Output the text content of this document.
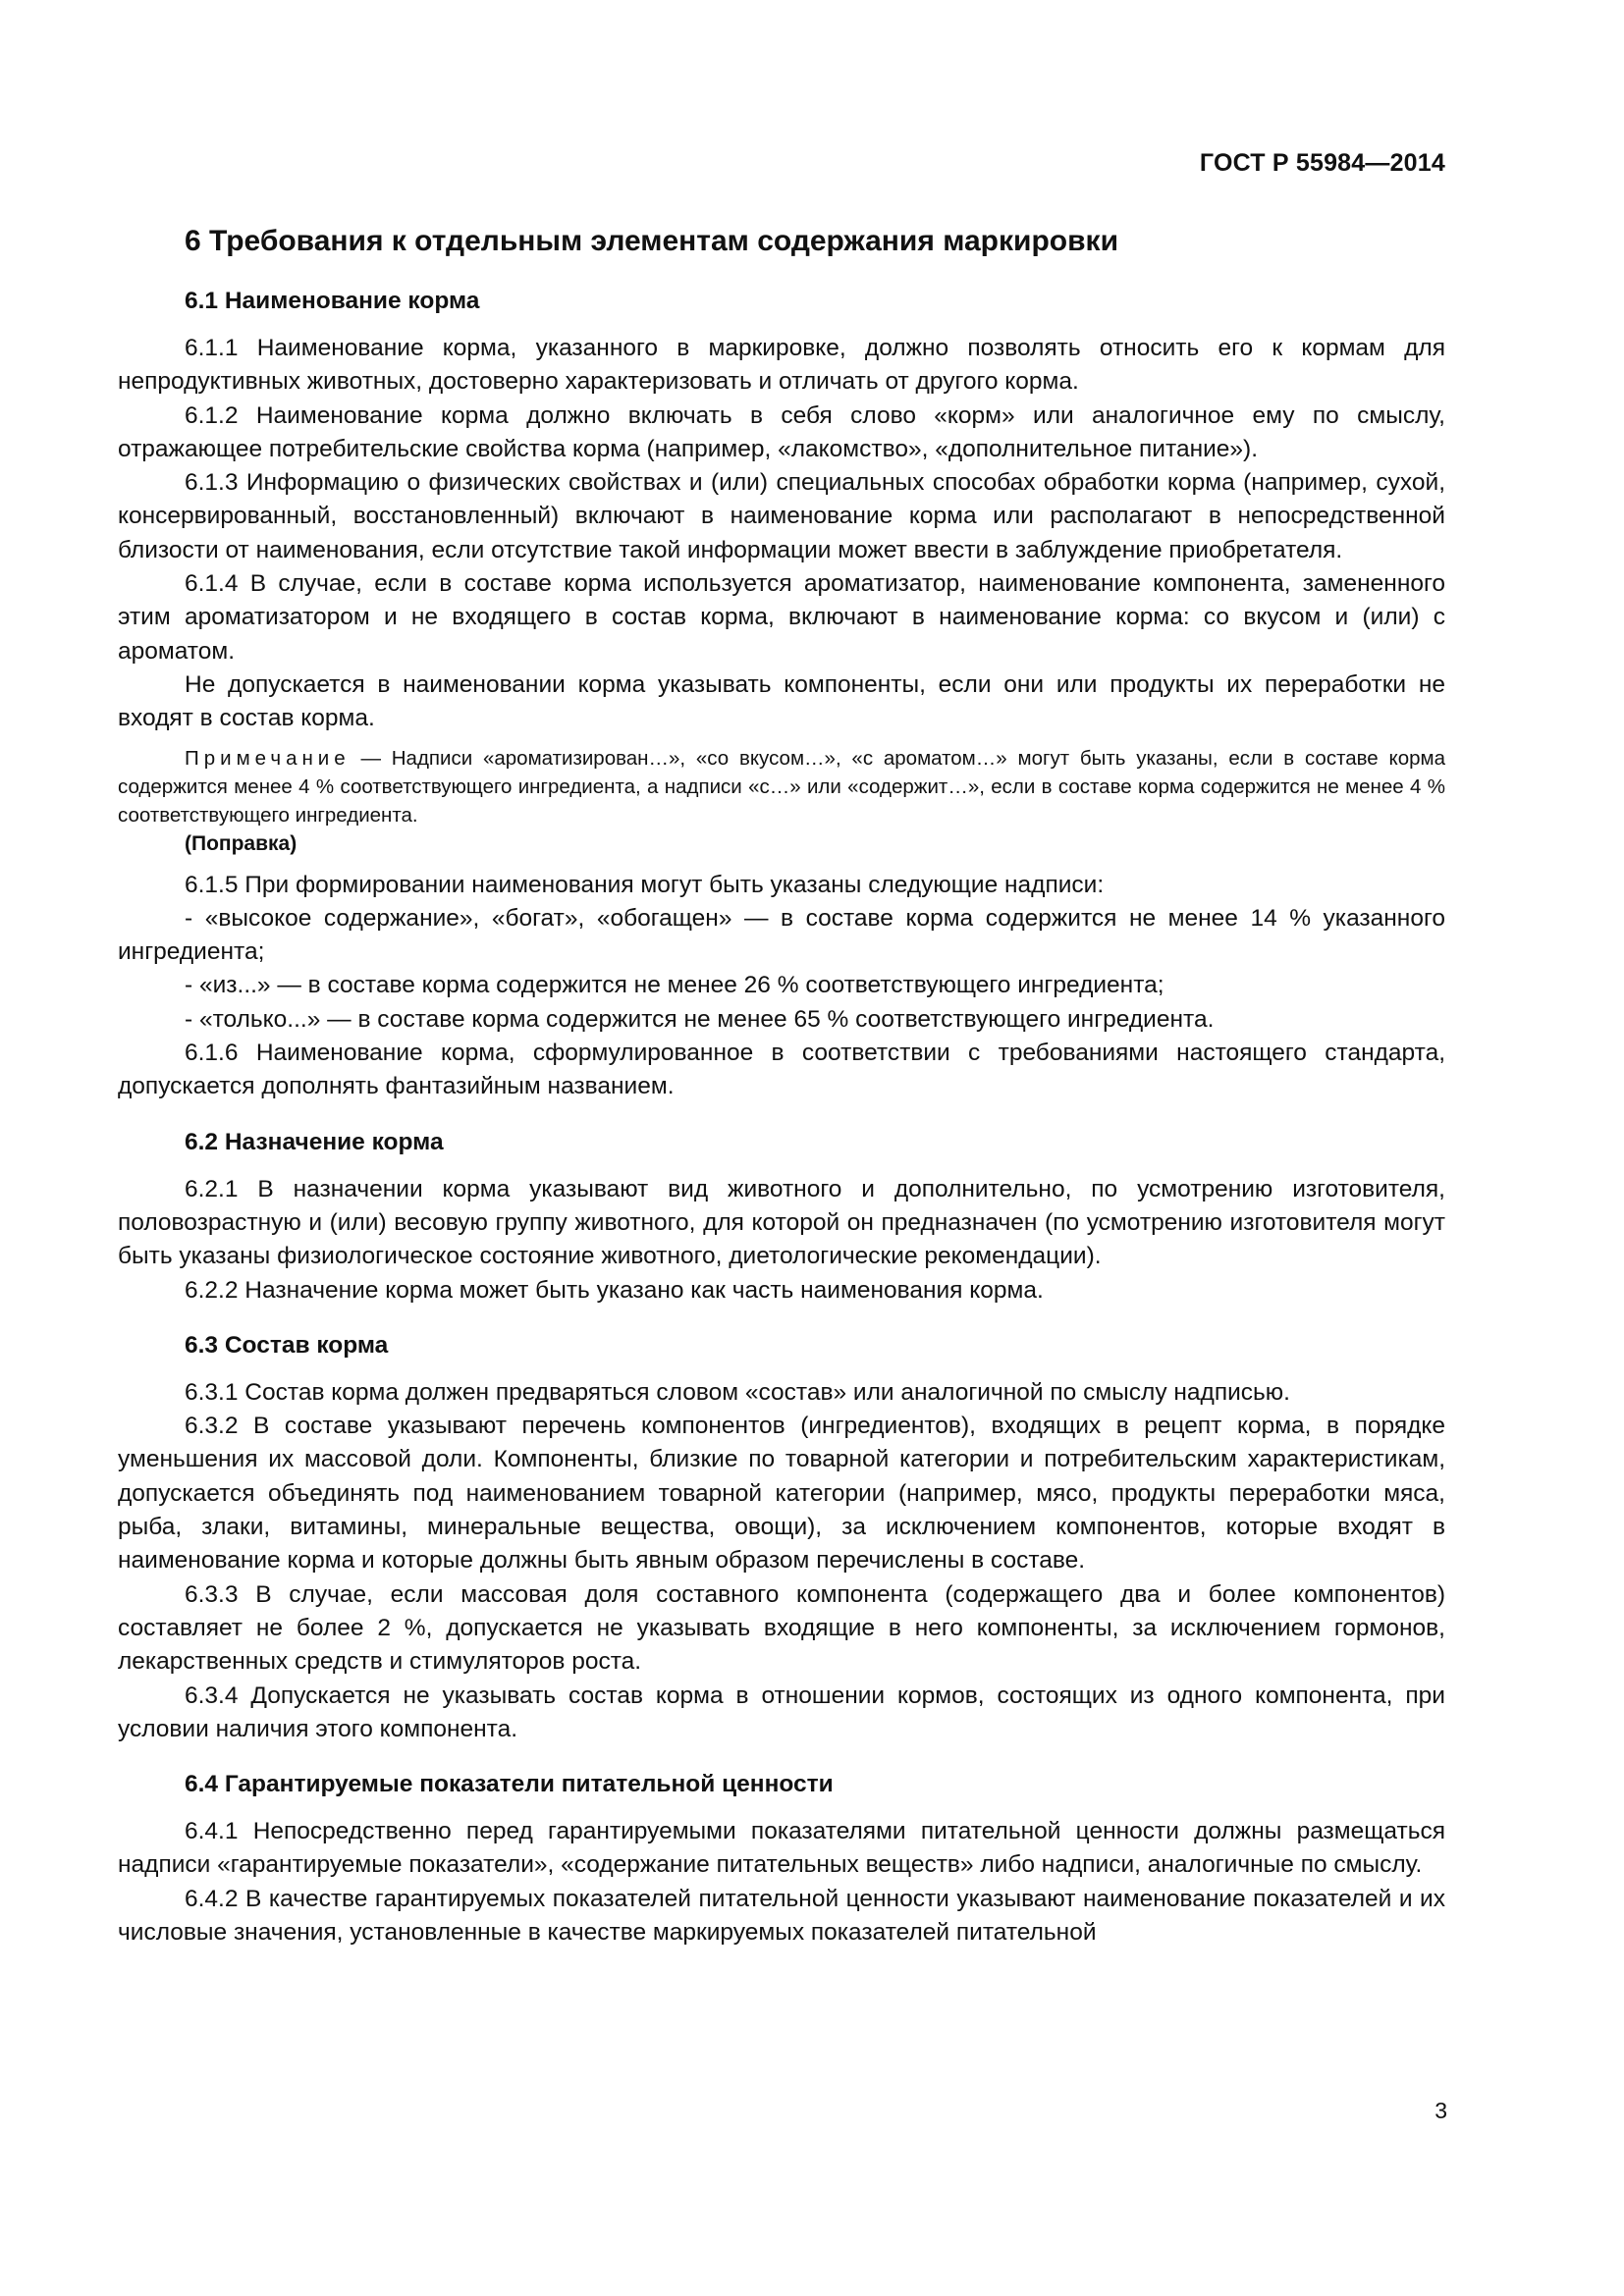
ГОСТ Р 55984—2014
6 Требования к отдельным элементам содержания маркировки
6.1 Наименование корма

6.1.1 Наименование корма, указанного в маркировке, должно позволять относить его к кормам для непродуктивных животных, достоверно характеризовать и отличать от другого корма.

6.1.2 Наименование корма должно включать в себя слово «корм» или аналогичное ему по смыслу, отражающее потребительские свойства корма (например, «лакомство», «дополнительное питание»).

6.1.3 Информацию о физических свойствах и (или) специальных способах обработки корма (например, сухой, консервированный, восстановленный) включают в наименование корма или располагают в непосредственной близости от наименования, если отсутствие такой информации может ввести в заблуждение приобретателя.

6.1.4 В случае, если в составе корма используется ароматизатор, наименование компонента, замененного этим ароматизатором и не входящего в состав корма, включают в наименование корма: со вкусом и (или) с ароматом.

Не допускается в наименовании корма указывать компоненты, если они или продукты их переработки не входят в состав корма.

Примечание — Надписи «ароматизирован…», «со вкусом…», «с ароматом…» могут быть указаны, если в составе корма содержится менее 4 % соответствующего ингредиента, а надписи «с…» или «содержит…», если в составе корма содержится не менее 4 % соответствующего ингредиента.

(Поправка)

6.1.5 При формировании наименования могут быть указаны следующие надписи:

- «высокое содержание», «богат», «обогащен» — в составе корма содержится не менее 14 % указанного ингредиента;

- «из...» — в составе корма содержится не менее 26 % соответствующего ингредиента;

- «только...» — в составе корма содержится не менее 65 % соответствующего ингредиента.

6.1.6 Наименование корма, сформулированное в соответствии с требованиями настоящего стандарта, допускается дополнять фантазийным названием.

6.2 Назначение корма

6.2.1 В назначении корма указывают вид животного и дополнительно, по усмотрению изготовителя, половозрастную и (или) весовую группу животного, для которой он предназначен (по усмотрению изготовителя могут быть указаны физиологическое состояние животного, диетологические рекомендации).

6.2.2 Назначение корма может быть указано как часть наименования корма.

6.3 Состав корма

6.3.1 Состав корма должен предваряться словом «состав» или аналогичной по смыслу надписью.

6.3.2 В составе указывают перечень компонентов (ингредиентов), входящих в рецепт корма, в порядке уменьшения их массовой доли. Компоненты, близкие по товарной категории и потребительским характеристикам, допускается объединять под наименованием товарной категории (например, мясо, продукты переработки мяса, рыба, злаки, витамины, минеральные вещества, овощи), за исключением компонентов, которые входят в наименование корма и которые должны быть явным образом перечислены в составе.

6.3.3 В случае, если массовая доля составного компонента (содержащего два и более компонентов) составляет не более 2 %, допускается не указывать входящие в него компоненты, за исключением гормонов, лекарственных средств и стимуляторов роста.

6.3.4 Допускается не указывать состав корма в отношении кормов, состоящих из одного компонента, при условии наличия этого компонента.

6.4 Гарантируемые показатели питательной ценности

6.4.1 Непосредственно перед гарантируемыми показателями питательной ценности должны размещаться надписи «гарантируемые показатели», «содержание питательных веществ» либо надписи, аналогичные по смыслу.

6.4.2 В качестве гарантируемых показателей питательной ценности указывают наименование показателей и их числовые значения, установленные в качестве маркируемых показателей питательной

3
